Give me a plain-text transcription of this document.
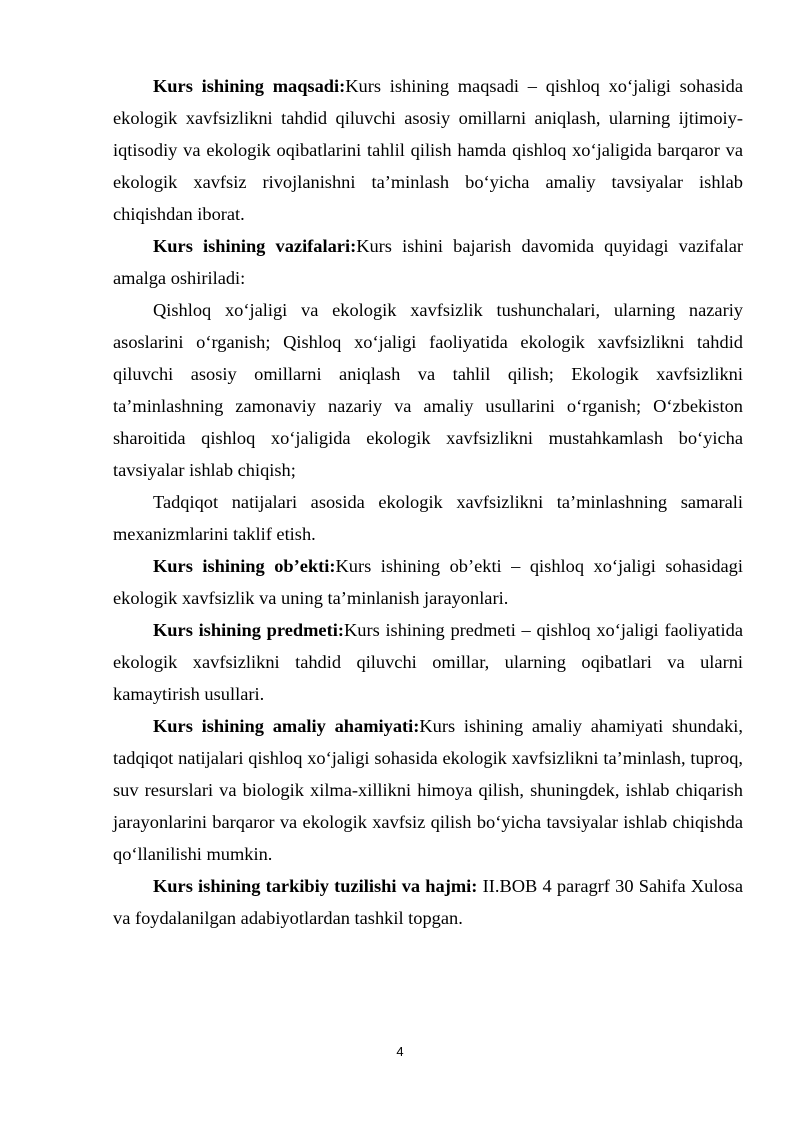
Kurs ishining maqsadi:Kurs ishining maqsadi – qishloq xo‘jaligi sohasida ekologik xavfsizlikni tahdid qiluvchi asosiy omillarni aniqlash, ularning ijtimoiy-iqtisodiy va ekologik oqibatlarini tahlil qilish hamda qishloq xo‘jaligida barqaror va ekologik xavfsiz rivojlanishni ta’minlash bo‘yicha amaliy tavsiyalar ishlab chiqishdan iborat.

Kurs ishining vazifalari:Kurs ishini bajarish davomida quyidagi vazifalar amalga oshiriladi:

Qishloq xo‘jaligi va ekologik xavfsizlik tushunchalari, ularning nazariy asoslarini o‘rganish; Qishloq xo‘jaligi faoliyatida ekologik xavfsizlikni tahdid qiluvchi asosiy omillarni aniqlash va tahlil qilish; Ekologik xavfsizlikni ta’minlashning zamonaviy nazariy va amaliy usullarini o‘rganish; O‘zbekiston sharoitida qishloq xo‘jaligida ekologik xavfsizlikni mustahkamlash bo‘yicha tavsiyalar ishlab chiqish;

Tadqiqot natijalari asosida ekologik xavfsizlikni ta’minlashning samarali mexanizmlarini taklif etish.

Kurs ishining ob’ekti:Kurs ishining ob’ekti – qishloq xo‘jaligi sohasidagi ekologik xavfsizlik va uning ta’minlanish jarayonlari.

Kurs ishining predmeti:Kurs ishining predmeti – qishloq xo‘jaligi faoliyatida ekologik xavfsizlikni tahdid qiluvchi omillar, ularning oqibatlari va ularni kamaytirish usullari.

Kurs ishining amaliy ahamiyati:Kurs ishining amaliy ahamiyati shundaki, tadqiqot natijalari qishloq xo‘jaligi sohasida ekologik xavfsizlikni ta’minlash, tuproq, suv resurslari va biologik xilma-xillikni himoya qilish, shuningdek, ishlab chiqarish jarayonlarini barqaror va ekologik xavfsiz qilish bo‘yicha tavsiyalar ishlab chiqishda qo‘llanilishi mumkin.

Kurs ishining tarkibiy tuzilishi va hajmi: II.BOB 4 paragrf 30 Sahifa Xulosa va foydalanilgan adabiyotlardan tashkil topgan.

4
